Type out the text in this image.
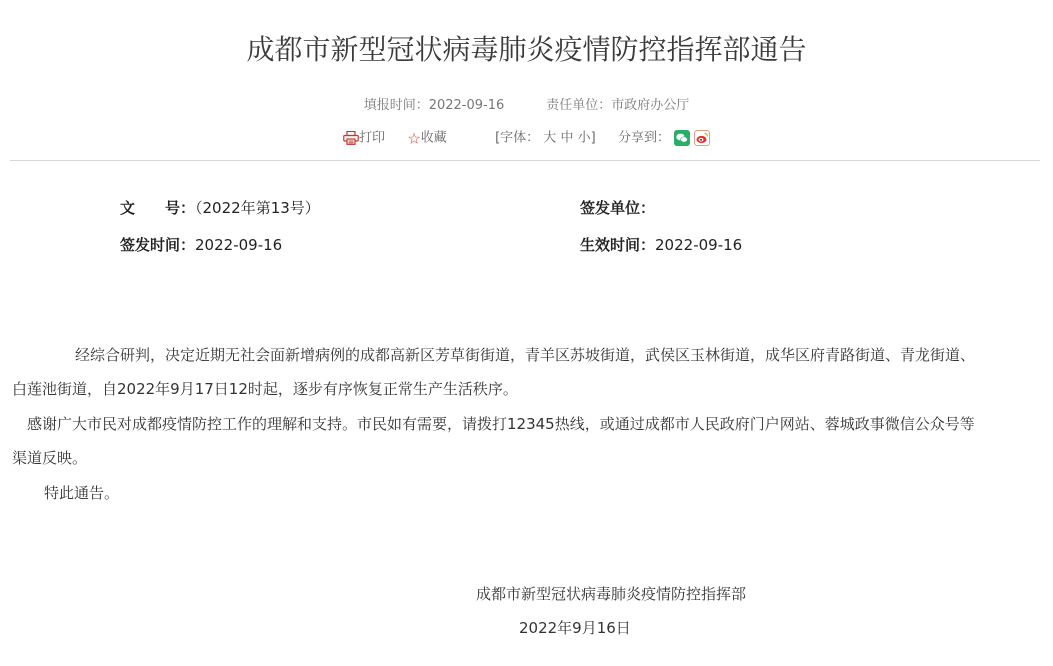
成都市新型冠状病毒肺炎疫情防控指挥部通告
填报时间：2022-09-16	责任单位：市政府办公厅
打印 ☆收藏	[字体： 大 中 小] 分享到：
文　　号：（2022年第13号）	签发单位：
签发时间：2022-09-16	生效时间：2022-09-16
经综合研判，决定近期无社会面新增病例的成都高新区芳草街街道，青羊区苏坡街道，武侯区玉林街道，成华区府青路街道、青龙街道、
白莲池街道，自2022年9月17日12时起，逐步有序恢复正常生产生活秩序。
感谢广大市民对成都疫情防控工作的理解和支持。市民如有需要，请拨打12345热线，或通过成都市人民政府门户网站、蓉城政事微信公众号等
渠道反映。
特此通告。
成都市新型冠状病毒肺炎疫情防控指挥部
2022年9月16日
